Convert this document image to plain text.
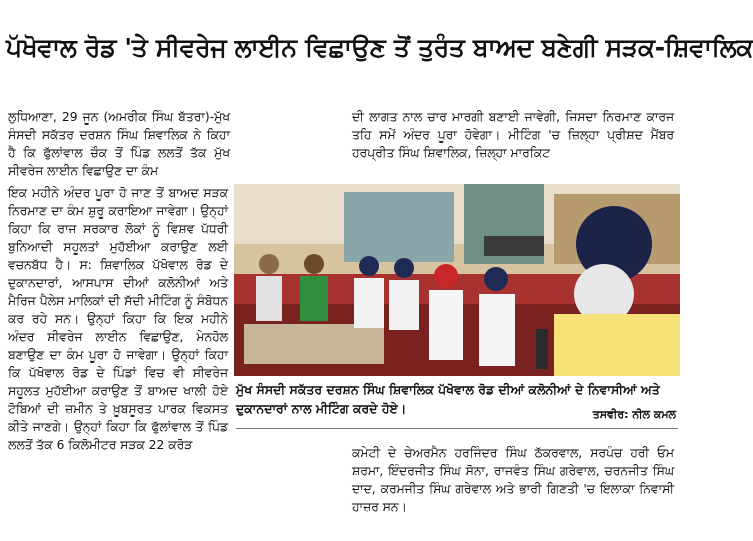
ਪੱਖੋਵਾਲ ਰੋਡ 'ਤੇ ਸੀਵਰੇਜ ਲਾਈਨ ਵਿਛਾਉਣ ਤੋਂ ਤੁਰੰਤ ਬਾਅਦ ਬਣੇਗੀ ਸੜਕ-ਸ਼ਿਵਾਲਿਕ
ਲੁਧਿਆਣਾ, 29 ਜੂਨ (ਅਮਰੀਕ ਸਿੰਘ ਬੱਤਰਾ)-ਮੁੱਖ ਸੰਸਦੀ ਸਕੱਤਰ ਦਰਸ਼ਨ ਸਿੰਘ ਸ਼ਿਵਾਲਿਕ ਨੇ ਕਿਹਾ ਹੈ ਕਿ ਫੁੱਲਾਂਵਾਲ ਚੌਕ ਤੋਂ ਪਿੰਡ ਲਲਤੋਂ ਤੱਕ ਮੁੱਖ ਸੀਵਰੇਜ ਲਾਈਨ ਵਿਛਾਉਣ ਦਾ ਕੰਮ
ਦੀ ਲਾਗਤ ਨਾਲ ਚਾਰ ਮਾਰਗੀ ਬਣਾਈ ਜਾਵੇਗੀ, ਜਿਸਦਾ ਨਿਰਮਾਣ ਕਾਰਜ ਤਹਿ ਸਮੇਂ ਅੰਦਰ ਪੂਰਾ ਹੋਵੇਗਾ। ਮੀਟਿੰਗ 'ਚ ਜ਼ਿਲ੍ਹਾ ਪ੍ਰੀਸ਼ਦ ਮੈਂਬਰ ਹਰਪ੍ਰੀਤ ਸਿੰਘ ਸ਼ਿਵਾਲਿਕ, ਜ਼ਿਲ੍ਹਾ ਮਾਰਕਿਟ
ਇਕ ਮਹੀਨੇ ਅੰਦਰ ਪੂਰਾ ਹੋ ਜਾਣ ਤੋਂ ਬਾਅਦ ਸੜਕ ਨਿਰਮਾਣ ਦਾ ਕੰਮ ਸ਼ੁਰੂ ਕਰਾਇਆ ਜਾਵੇਗਾ। ਉਨ੍ਹਾਂ ਕਿਹਾ ਕਿ ਰਾਜ ਸਰਕਾਰ ਲੋਕਾਂ ਨੂੰ ਵਿਸ਼ਵ ਪੱਧਰੀ ਬੁਨਿਆਦੀ ਸਹੂਲਤਾਂ ਮੁਹੱਈਆ ਕਰਾਉਣ ਲਈ ਵਚਨਬੱਧ ਹੈ। ਸ: ਸ਼ਿਵਾਲਿਕ ਪੱਖੋਵਾਲ ਰੋਡ ਦੇ ਦੁਕਾਨਦਾਰਾਂ, ਆਸਪਾਸ ਦੀਆਂ ਕਲੋਨੀਆਂ ਅਤੇ ਮੈਰਿਜ ਪੈਲੇਸ ਮਾਲਿਕਾਂ ਦੀ ਸੱਦੀ ਮੀਟਿੰਗ ਨੂੰ ਸੰਬੋਧਨ ਕਰ ਰਹੇ ਸਨ। ਉਨ੍ਹਾਂ ਕਿਹਾ ਕਿ ਇਕ ਮਹੀਨੇ ਅੰਦਰ ਸੀਵਰੇਜ ਲਾਈਨ ਵਿਛਾਉਣ, ਮੇਨਹੋਲ ਬਣਾਉਣ ਦਾ ਕੰਮ ਪੂਰਾ ਹੋ ਜਾਵੇਗਾ। ਉਨ੍ਹਾਂ ਕਿਹਾ ਕਿ ਪੱਖੋਵਾਲ ਰੋਡ ਦੇ ਪਿੰਡਾਂ ਵਿਚ ਵੀ ਸੀਵਰੇਜ ਸਹੂਲਤ ਮੁਹੱਈਆ ਕਰਾਉਣ ਤੋਂ ਬਾਅਦ ਖਾਲੀ ਹੋਏ ਟੋਬਿਆਂ ਦੀ ਜ਼ਮੀਨ ਤੇ ਖ਼ੂਬਸੂਰਤ ਪਾਰਕ ਵਿਕਸਤ ਕੀਤੇ ਜਾਣਗੇ। ਉਨ੍ਹਾਂ ਕਿਹਾ ਕਿ ਫੁੱਲਾਂਵਾਲ ਤੋਂ ਪਿੰਡ ਲਲਤੋਂ ਤੱਕ 6 ਕਿਲੋਮੀਟਰ ਸੜਕ 22 ਕਰੋੜ
ਮੁੱਖ ਸੰਸਦੀ ਸਕੱਤਰ ਦਰਸ਼ਨ ਸਿੰਘ ਸ਼ਿਵਾਲਿਕ ਪੱਖੋਵਾਲ ਰੋਡ ਦੀਆਂ ਕਲੋਨੀਆਂ ਦੇ ਨਿਵਾਸੀਆਂ ਅਤੇ ਦੁਕਾਨਦਾਰਾਂ ਨਾਲ ਮੀਟਿੰਗ ਕਰਦੇ ਹੋਏ।	ਤਸਵੀਰ: ਨੀਲ ਕਮਲ
ਕਮੇਟੀ ਦੇ ਚੇਅਰਮੈਨ ਹਰਜਿੰਦਰ ਸਿੰਘ ਠੱਕਰਵਾਲ, ਸਰਪੰਚ ਹਰੀ ਓਮ ਸ਼ਰਮਾ, ਇੰਦਰਜੀਤ ਸਿੰਘ ਸੋਨਾ, ਰਾਜਵੰਤ ਸਿੰਘ ਗਰੇਵਾਲ, ਚਰਨਜੀਤ ਸਿੰਘ ਦਾਦ, ਕਰਮਜੀਤ ਸਿੰਘ ਗਰੇਵਾਲ ਅਤੇ ਭਾਰੀ ਗਿਣਤੀ 'ਚ ਇਲਾਕਾ ਨਿਵਾਸੀ ਹਾਜ਼ਰ ਸਨ।
